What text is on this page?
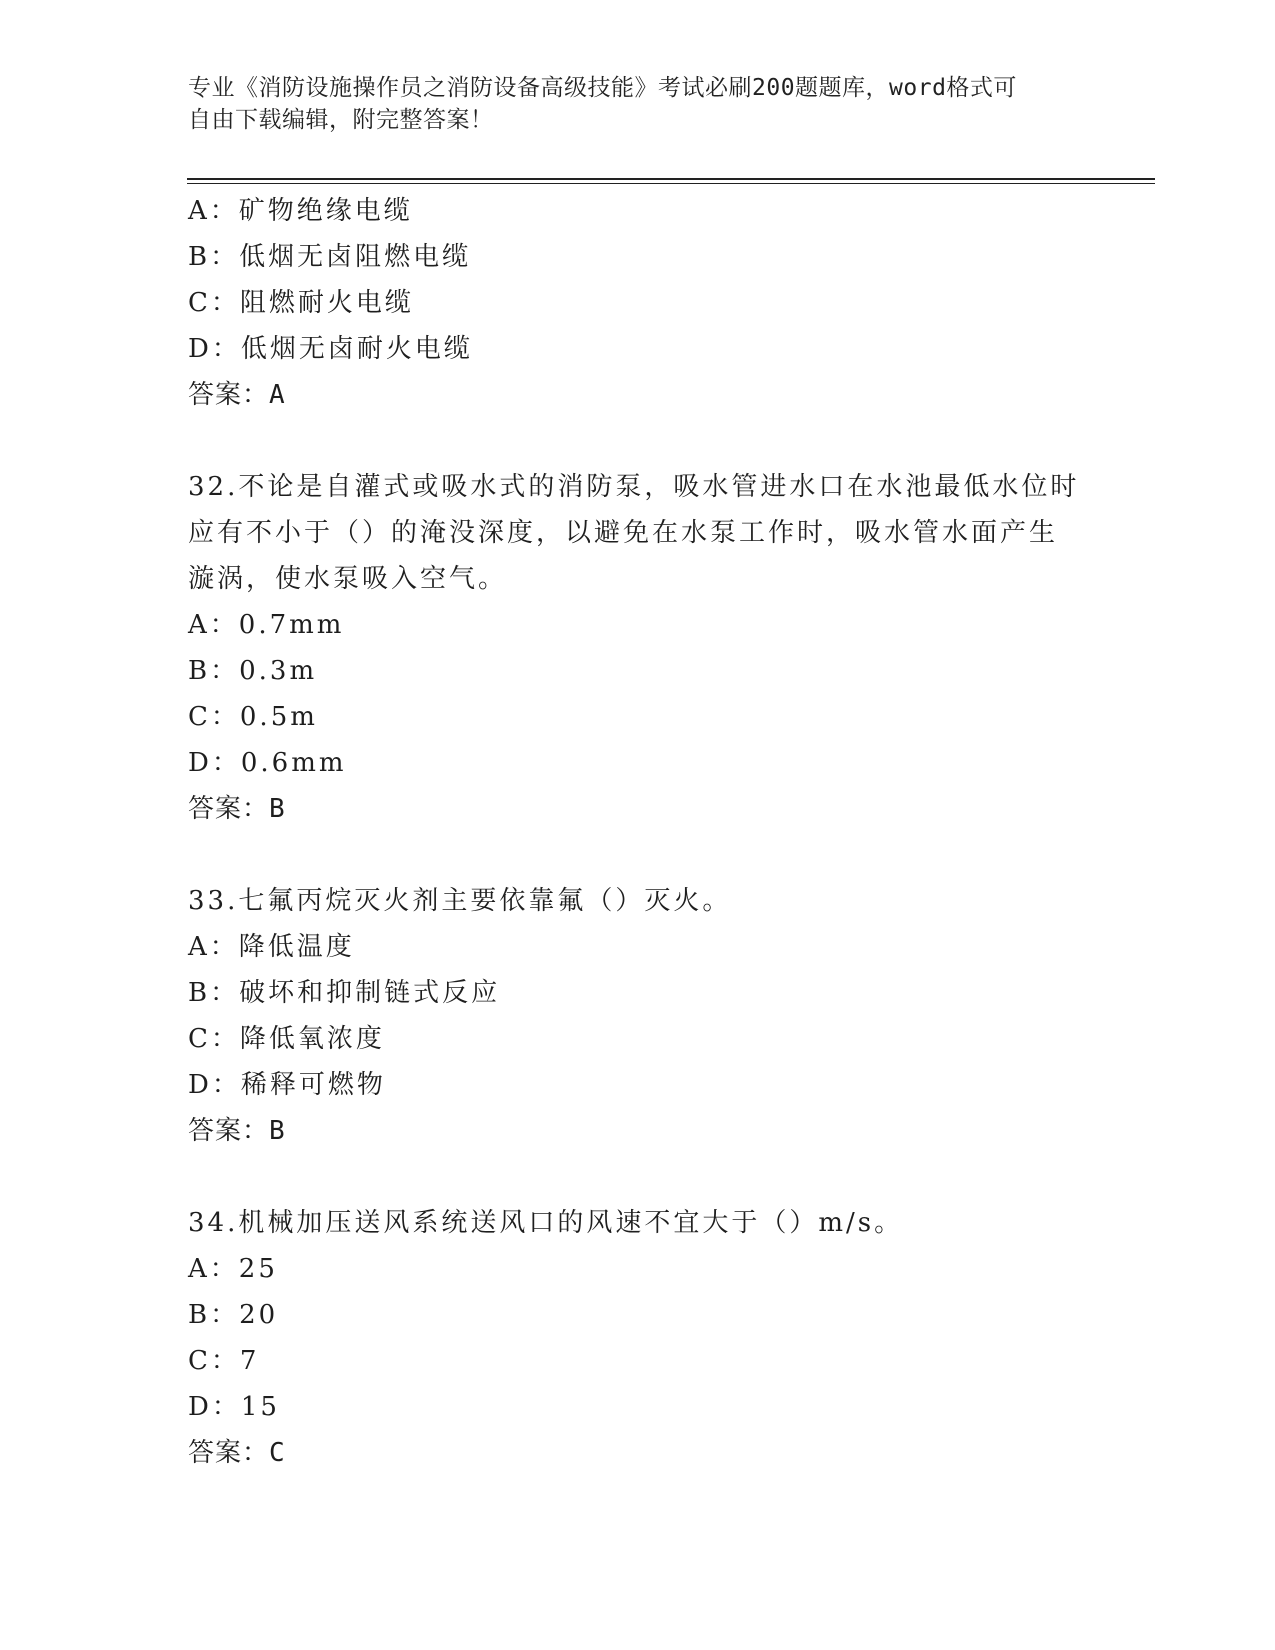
专业《消防设施操作员之消防设备高级技能》考试必刷200题题库，word格式可
自由下载编辑，附完整答案！
A：矿物绝缘电缆
B：低烟无卤阻燃电缆
C：阻燃耐火电缆
D：低烟无卤耐火电缆
答案：A
32.不论是自灌式或吸水式的消防泵，吸水管进水口在水池最低水位时
应有不小于（）的淹没深度，以避免在水泵工作时，吸水管水面产生
漩涡，使水泵吸入空气。
A：0.7mm
B：0.3m
C：0.5m
D：0.6mm
答案：B
33.七氟丙烷灭火剂主要依靠氟（）灭火。
A：降低温度
B：破坏和抑制链式反应
C：降低氧浓度
D：稀释可燃物
答案：B
34.机械加压送风系统送风口的风速不宜大于（）m/s。
A：25
B：20
C：7
D：15
答案：C
